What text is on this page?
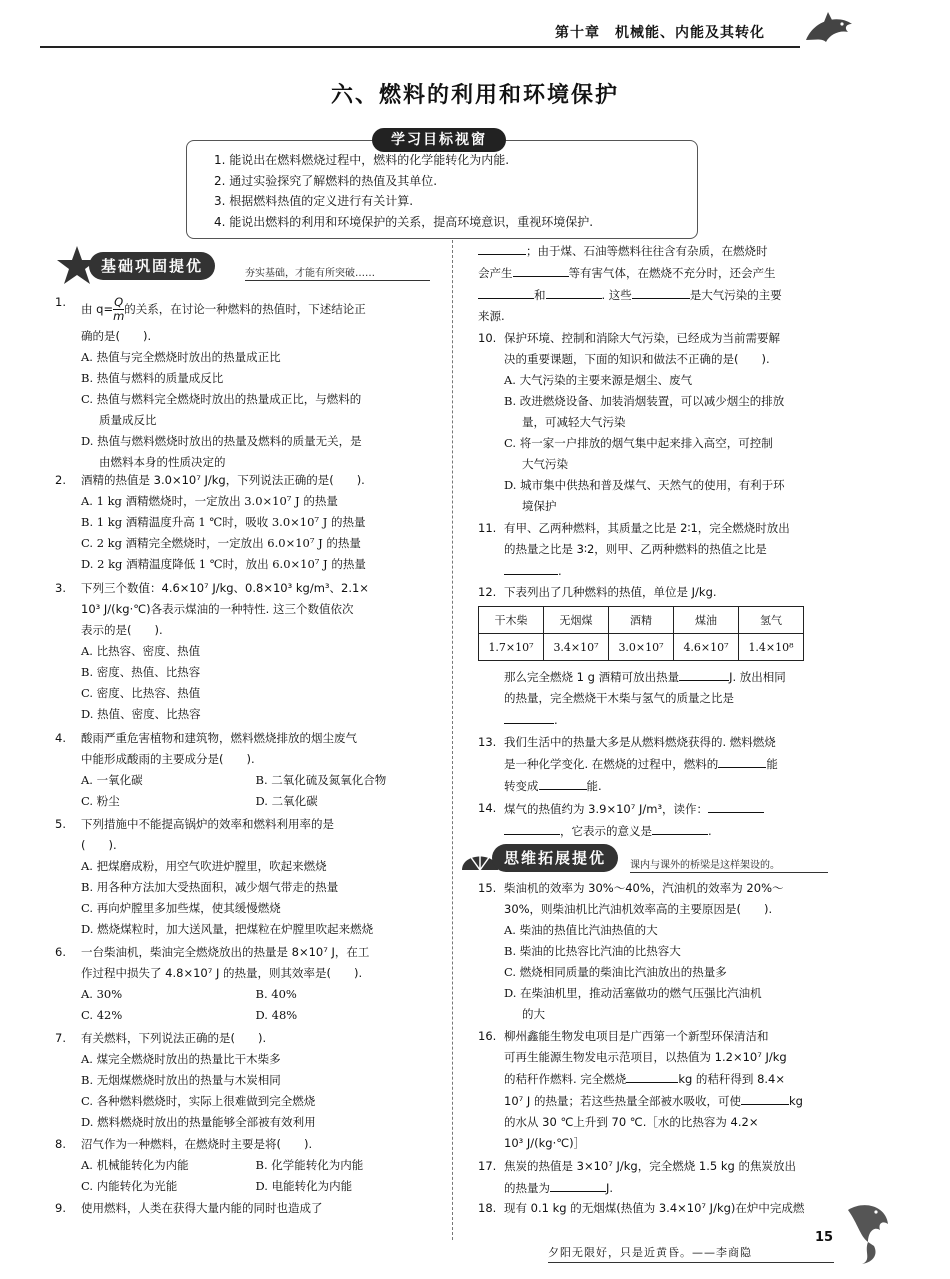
第十章　机械能、内能及其转化
六、燃料的利用和环境保护
学习目标视窗
1. 能说出在燃料燃烧过程中，燃料的化学能转化为内能.
2. 通过实验探究了解燃料的热值及其单位.
3. 根据燃料热值的定义进行有关计算.
4. 能说出燃料的利用和环境保护的关系，提高环境意识，重视环境保护.
基础巩固提优	夯实基础，才能有所突破……
1. 由 $q= \frac{Q}{m}$ 的关系，在讨论一种燃料的热值时，下述结论正
确的是(　　).
A. 热值与完全燃烧时放出的热量成正比
B. 热值与燃料的质量成反比
C. 热值与燃料完全燃烧时放出的热量成正比，与燃料的
质量成反比
D. 热值与燃料燃烧时放出的热量及燃料的质量无关，是
由燃料本身的性质决定的
2. 酒精的热值是 3.0×10⁷ J/kg，下列说法正确的是(　　).
A. 1 kg 酒精燃烧时，一定放出 3.0×10⁷ J 的热量
B. 1 kg 酒精温度升高 1 ℃时，吸收 3.0×10⁷ J 的热量
C. 2 kg 酒精完全燃烧时，一定放出 6.0×10⁷ J 的热量
D. 2 kg 酒精温度降低 1 ℃时，放出 6.0×10⁷ J 的热量
3. 下列三个数值：4.6×10⁷ J/kg、0.8×10³ kg/m³、2.1×
10³ J/(kg·℃)各表示煤油的一种特性. 这三个数值依次
表示的是(　　).
A. 比热容、密度、热值
B. 密度、热值、比热容
C. 密度、比热容、热值
D. 热值、密度、比热容
4. 酸雨严重危害植物和建筑物，燃料燃烧排放的烟尘废气
中能形成酸雨的主要成分是(　　).
A. 一氧化碳	B. 二氧化硫及氮氧化合物
C. 粉尘	D. 二氧化碳
5. 下列措施中不能提高锅炉的效率和燃料利用率的是
(　　).
A. 把煤磨成粉，用空气吹进炉膛里，吹起来燃烧
B. 用各种方法加大受热面积，减少烟气带走的热量
C. 再向炉膛里多加些煤，使其缓慢燃烧
D. 燃烧煤粒时，加大送风量，把煤粒在炉膛里吹起来燃烧
6. 一台柴油机，柴油完全燃烧放出的热量是 8×10⁷ J，在工
作过程中损失了 4.8×10⁷ J 的热量，则其效率是(　　).
A. 30%	B. 40%
C. 42%	D. 48%
7. 有关燃料，下列说法正确的是(　　).
A. 煤完全燃烧时放出的热量比干木柴多
B. 无烟煤燃烧时放出的热量与木炭相同
C. 各种燃料燃烧时，实际上很难做到完全燃烧
D. 燃料燃烧时放出的热量能够全部被有效利用
8. 沼气作为一种燃料，在燃烧时主要是将(　　).
A. 机械能转化为内能	B. 化学能转化为内能
C. 内能转化为光能	D. 电能转化为内能
9. 使用燃料，人类在获得大量内能的同时也造成了
；由于煤、石油等燃料往往含有杂质，在燃烧时
会产生	等有害气体，在燃烧不充分时，还会产生
和	. 这些	是大气污染的主要
来源.
10. 保护环境、控制和消除大气污染，已经成为当前需要解
决的重要课题，下面的知识和做法不正确的是(　　).
A. 大气污染的主要来源是烟尘、废气
B. 改进燃烧设备、加装消烟装置，可以减少烟尘的排放
量，可减轻大气污染
C. 将一家一户排放的烟气集中起来排入高空，可控制
大气污染
D. 城市集中供热和普及煤气、天然气的使用，有利于环
境保护
11. 有甲、乙两种燃料，其质量之比是 2∶1，完全燃烧时放出
的热量之比是 3∶2，则甲、乙两种燃料的热值之比是
.
12. 下表列出了几种燃料的热值，单位是 J/kg.
干木柴	无烟煤	酒精	煤油	氢气
1.7×10⁷	3.4×10⁷	3.0×10⁷	4.6×10⁷	1.4×10⁸
那么完全燃烧 1 g 酒精可放出热量	J. 放出相同
的热量，完全燃烧干木柴与氢气的质量之比是
.
13. 我们生活中的热量大多是从燃料燃烧获得的. 燃料燃烧
是一种化学变化. 在燃烧的过程中，燃料的	能
转变成	能.
14. 煤气的热值约为 3.9×10⁷ J/m³，读作：
，它表示的意义是	.
思维拓展提优	课内与课外的桥梁是这样架设的。
15. 柴油机的效率为 30%～40%，汽油机的效率为 20%～
30%，则柴油机比汽油机效率高的主要原因是(　　).
A. 柴油的热值比汽油热值的大
B. 柴油的比热容比汽油的比热容大
C. 燃烧相同质量的柴油比汽油放出的热量多
D. 在柴油机里，推动活塞做功的燃气压强比汽油机
的大
16. 柳州鑫能生物发电项目是广西第一个新型环保清洁和
可再生能源生物发电示范项目，以热值为 1.2×10⁷ J/kg
的秸秆作燃料. 完全燃烧	kg 的秸秆得到 8.4×
10⁷ J 的热量；若这些热量全部被水吸收，可使	kg
的水从 30 ℃上升到 70 ℃.［水的比热容为 4.2×
10³ J/(kg·℃)］
17. 焦炭的热值是 3×10⁷ J/kg，完全燃烧 1.5 kg 的焦炭放出
的热量为	J.
18. 现有 0.1 kg 的无烟煤(热值为 3.4×10⁷ J/kg)在炉中完成燃
夕阳无限好，只是近黄昏。——李商隐
15
